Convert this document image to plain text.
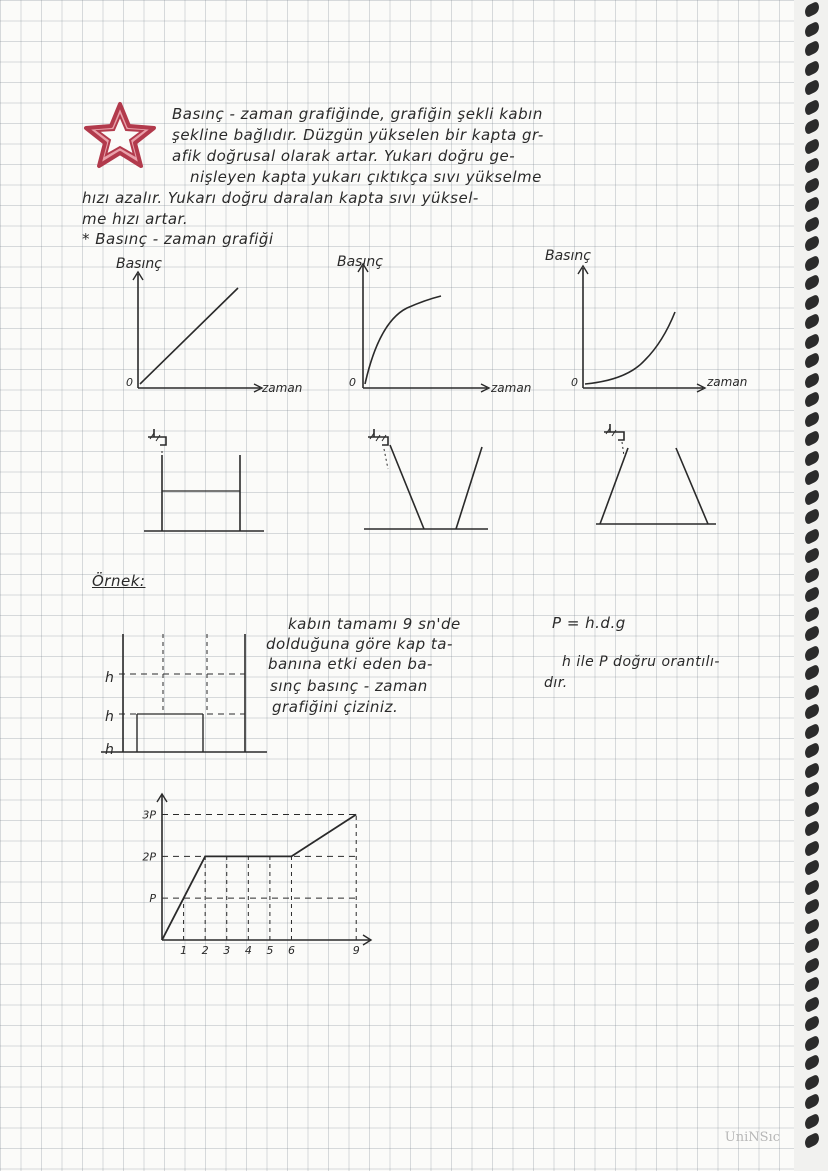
Basınç - zaman grafiğinde, grafiğin şekli kabın
şekline bağlıdır. Düzgün yükselen bir kapta gr-
afik doğrusal olarak artar. Yukarı doğru ge-
nişleyen kapta yukarı çıktıkça sıvı yükselme
hızı azalır. Yukarı doğru daralan kapta sıvı yüksel-
me hızı artar.
* Basınç - zaman grafiği
Basınç
zaman
0
Basınç
zaman
0
Basınç
zaman
0
Örnek:
h
h
h
kabın tamamı 9 sn'de
dolduğuna göre kap ta-
banına etki eden ba-
sınç basınç - zaman
grafiğini çiziniz.
P = h.d.g
h ile P doğru orantılı-
dır.
P
2P
3P
1 2 3 4 5 6	9
UniNSıc
